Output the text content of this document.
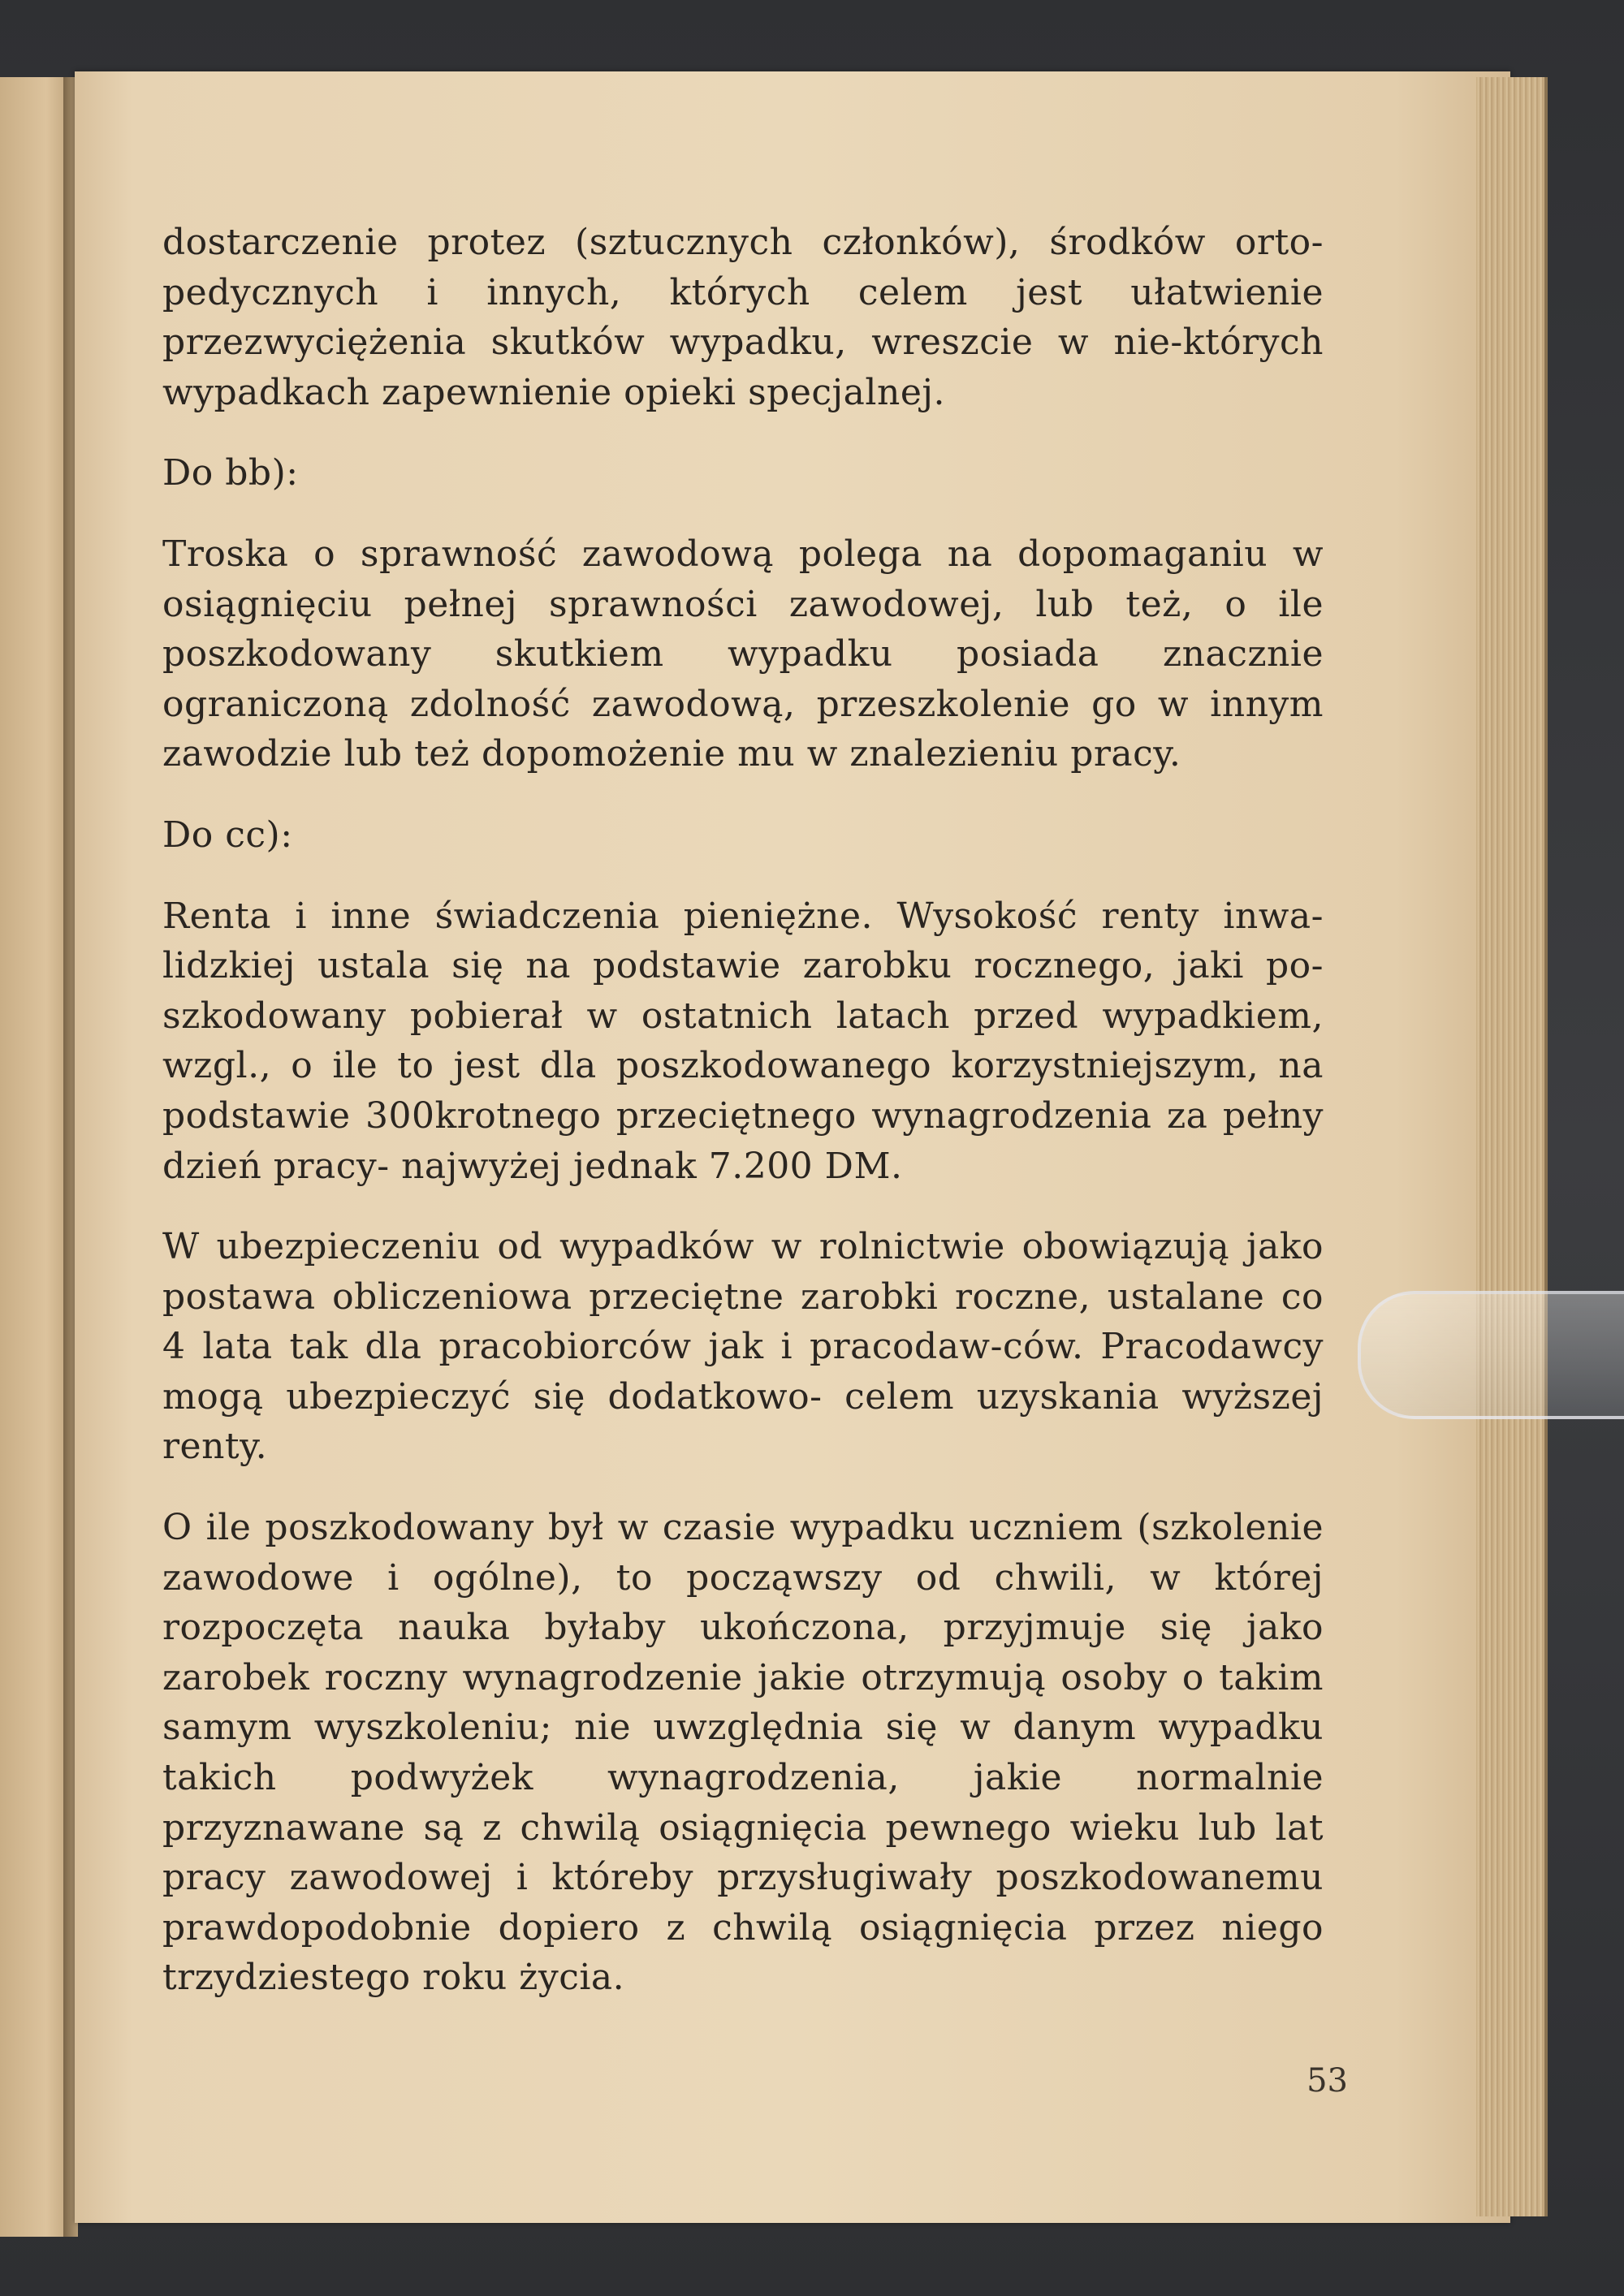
dostarczenie protez (sztucznych członków), środków orto-pedycznych i innych, których celem jest ułatwienie przezwyciężenia skutków wypadku, wreszcie w nie-których wypadkach zapewnienie opieki specjalnej.

Do bb):

Troska o sprawność zawodową polega na dopomaganiu w osiągnięciu pełnej sprawności zawodowej, lub też, o ile poszkodowany skutkiem wypadku posiada znacznie ograniczoną zdolność zawodową, przeszkolenie go w innym zawodzie lub też dopomożenie mu w znalezieniu pracy.

Do cc):

Renta i inne świadczenia pieniężne. Wysokość renty inwa-lidzkiej ustala się na podstawie zarobku rocznego, jaki po-szkodowany pobierał w ostatnich latach przed wypadkiem, wzgl., o ile to jest dla poszkodowanego korzystniejszym, na podstawie 300krotnego przeciętnego wynagrodzenia za pełny dzień pracy- najwyżej jednak 7.200 DM.

W ubezpieczeniu od wypadków w rolnictwie obowiązują jako postawa obliczeniowa przeciętne zarobki roczne, ustalane co 4 lata tak dla pracobiorców jak i pracodaw-ców. Pracodawcy mogą ubezpieczyć się dodatkowo- celem uzyskania wyższej renty.

O ile poszkodowany był w czasie wypadku uczniem (szkolenie zawodowe i ogólne), to począwszy od chwili, w której rozpoczęta nauka byłaby ukończona, przyjmuje się jako zarobek roczny wynagrodzenie jakie otrzymują osoby o takim samym wyszkoleniu; nie uwzględnia się w danym wypadku takich podwyżek wynagrodzenia, jakie normalnie przyznawane są z chwilą osiągnięcia pewnego wieku lub lat pracy zawodowej i któreby przysługiwały poszkodowanemu prawdopodobnie dopiero z chwilą osiągnięcia przez niego trzydziestego roku życia.

53
